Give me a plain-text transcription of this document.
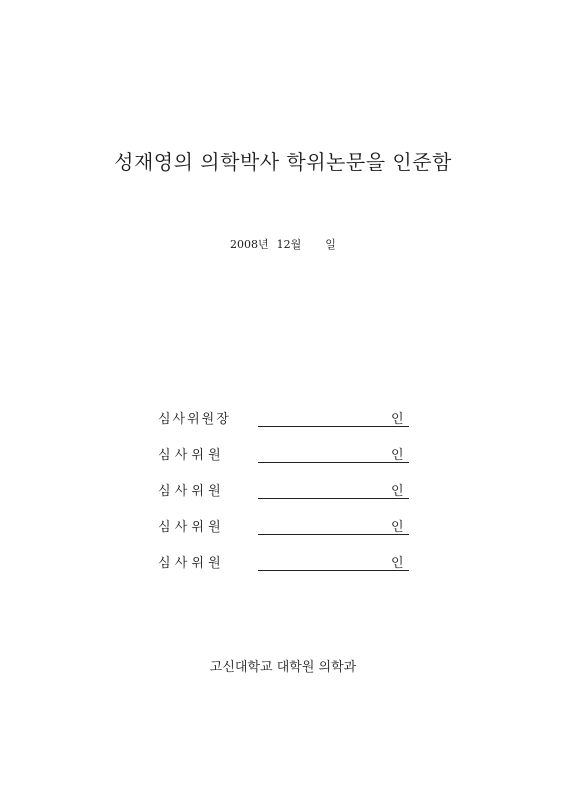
성재영의 의학박사 학위논문을 인준함
2008년 12월 일
심사위원장	인
심 사 위 원	인
심 사 위 원	인
심 사 위 원	인
심 사 위 원	인
고신대학교 대학원 의학과
